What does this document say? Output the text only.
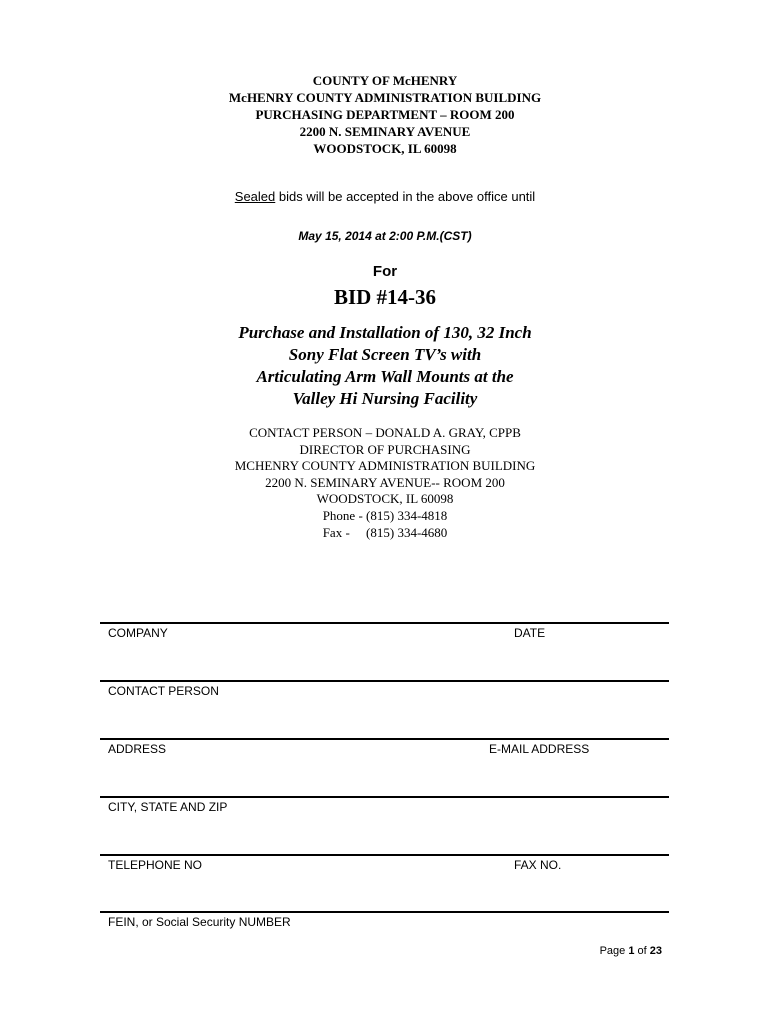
COUNTY OF McHENRY
McHENRY COUNTY ADMINISTRATION BUILDING
PURCHASING DEPARTMENT – ROOM 200
2200 N. SEMINARY AVENUE
WOODSTOCK, IL 60098
Sealed bids will be accepted in the above office until
May 15, 2014 at 2:00 P.M.(CST)
For
BID #14-36
Purchase and Installation of 130, 32 Inch
Sony Flat Screen TV’s with
Articulating Arm Wall Mounts at the
Valley Hi Nursing Facility
CONTACT PERSON – DONALD A. GRAY, CPPB
DIRECTOR OF PURCHASING
MCHENRY COUNTY ADMINISTRATION BUILDING
2200 N. SEMINARY AVENUE-- ROOM 200
WOODSTOCK, IL 60098
Phone - (815) 334-4818
Fax -     (815) 334-4680
COMPANY	DATE
CONTACT PERSON
ADDRESS	E-MAIL ADDRESS
CITY, STATE AND ZIP
TELEPHONE NO	FAX NO.
FEIN, or Social Security NUMBER
Page 1 of 23
